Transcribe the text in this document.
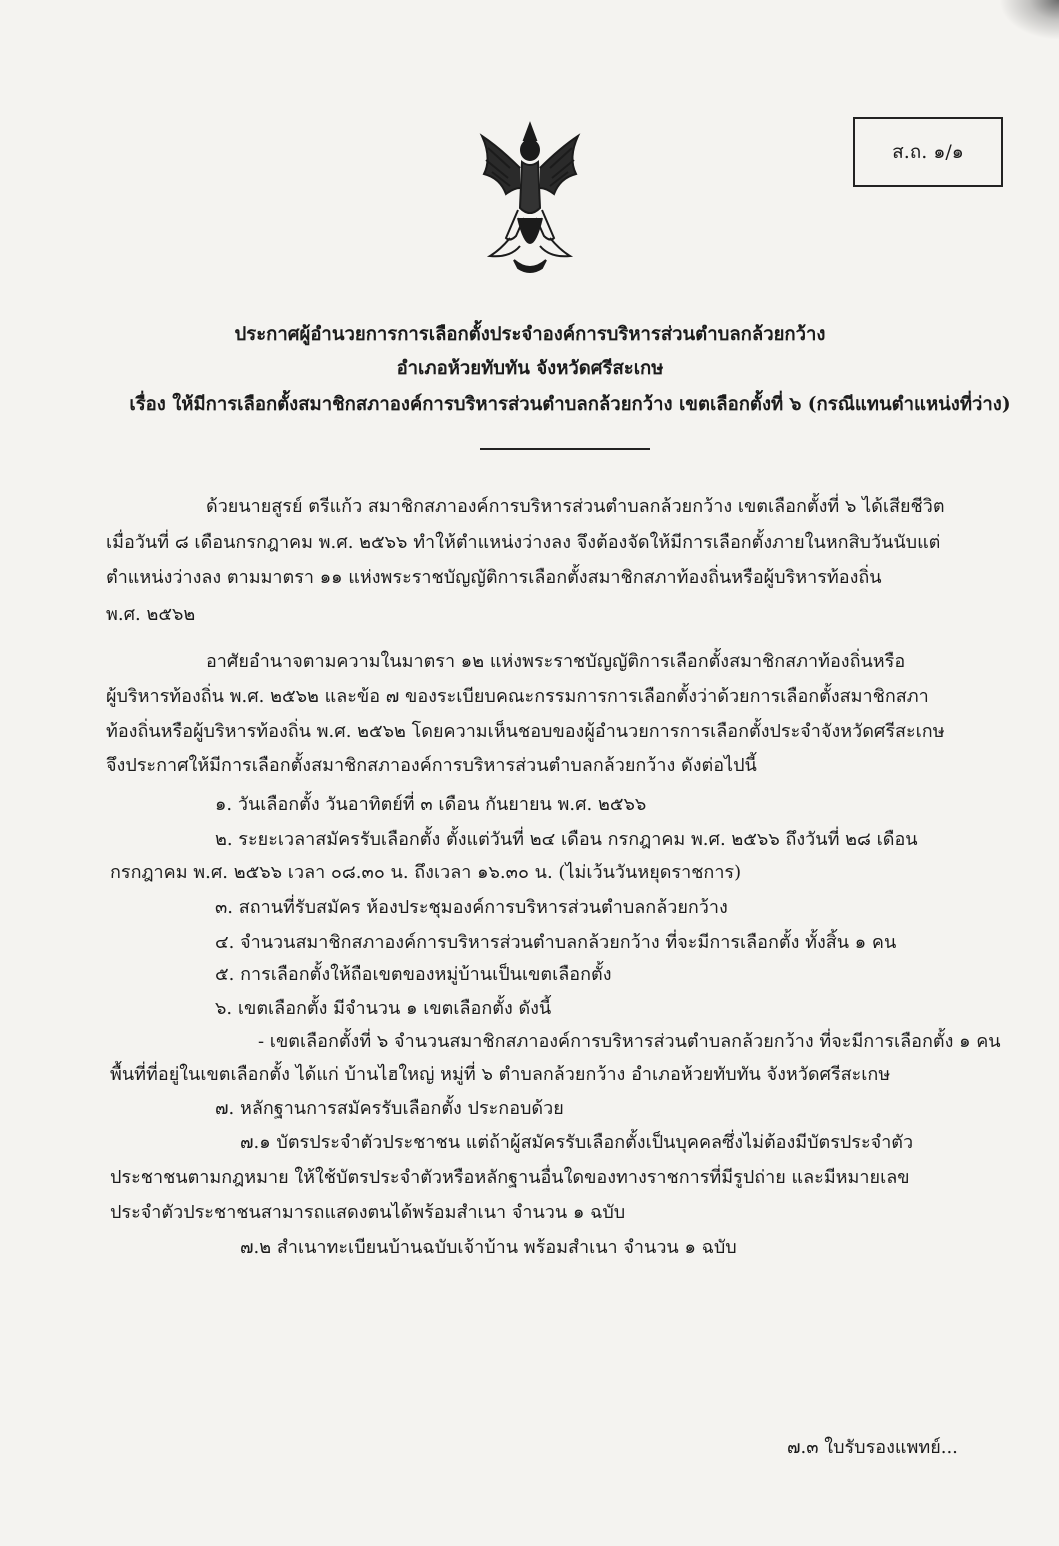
ส.ถ. ๑/๑
ประกาศผู้อำนวยการการเลือกตั้งประจำองค์การบริหารส่วนตำบลกล้วยกว้าง
อำเภอห้วยทับทัน จังหวัดศรีสะเกษ
เรื่อง ให้มีการเลือกตั้งสมาชิกสภาองค์การบริหารส่วนตำบลกล้วยกว้าง เขตเลือกตั้งที่ ๖ (กรณีแทนตำแหน่งที่ว่าง)
ด้วยนายสูรย์ ตรีแก้ว สมาชิกสภาองค์การบริหารส่วนตำบลกล้วยกว้าง เขตเลือกตั้งที่ ๖ ได้เสียชีวิต
เมื่อวันที่ ๘ เดือนกรกฎาคม พ.ศ. ๒๕๖๖ ทำให้ตำแหน่งว่างลง จึงต้องจัดให้มีการเลือกตั้งภายในหกสิบวันนับแต่
ตำแหน่งว่างลง ตามมาตรา ๑๑ แห่งพระราชบัญญัติการเลือกตั้งสมาชิกสภาท้องถิ่นหรือผู้บริหารท้องถิ่น
พ.ศ. ๒๕๖๒
อาศัยอำนาจตามความในมาตรา ๑๒ แห่งพระราชบัญญัติการเลือกตั้งสมาชิกสภาท้องถิ่นหรือ
ผู้บริหารท้องถิ่น พ.ศ. ๒๕๖๒ และข้อ ๗ ของระเบียบคณะกรรมการการเลือกตั้งว่าด้วยการเลือกตั้งสมาชิกสภา
ท้องถิ่นหรือผู้บริหารท้องถิ่น พ.ศ. ๒๕๖๒ โดยความเห็นชอบของผู้อำนวยการการเลือกตั้งประจำจังหวัดศรีสะเกษ
จึงประกาศให้มีการเลือกตั้งสมาชิกสภาองค์การบริหารส่วนตำบลกล้วยกว้าง ดังต่อไปนี้
๑. วันเลือกตั้ง วันอาทิตย์ที่ ๓ เดือน กันยายน พ.ศ. ๒๕๖๖
๒. ระยะเวลาสมัครรับเลือกตั้ง ตั้งแต่วันที่ ๒๔ เดือน กรกฎาคม พ.ศ. ๒๕๖๖ ถึงวันที่ ๒๘ เดือน
กรกฎาคม พ.ศ. ๒๕๖๖ เวลา ๐๘.๓๐ น. ถึงเวลา ๑๖.๓๐ น. (ไม่เว้นวันหยุดราชการ)
๓. สถานที่รับสมัคร ห้องประชุมองค์การบริหารส่วนตำบลกล้วยกว้าง
๔. จำนวนสมาชิกสภาองค์การบริหารส่วนตำบลกล้วยกว้าง ที่จะมีการเลือกตั้ง ทั้งสิ้น ๑ คน
๕. การเลือกตั้งให้ถือเขตของหมู่บ้านเป็นเขตเลือกตั้ง
๖. เขตเลือกตั้ง มีจำนวน ๑ เขตเลือกตั้ง ดังนี้
- เขตเลือกตั้งที่ ๖ จำนวนสมาชิกสภาองค์การบริหารส่วนตำบลกล้วยกว้าง ที่จะมีการเลือกตั้ง ๑ คน
พื้นที่ที่อยู่ในเขตเลือกตั้ง ได้แก่ บ้านไฮใหญ่ หมู่ที่ ๖ ตำบลกล้วยกว้าง อำเภอห้วยทับทัน จังหวัดศรีสะเกษ
๗. หลักฐานการสมัครรับเลือกตั้ง ประกอบด้วย
๗.๑ บัตรประจำตัวประชาชน แต่ถ้าผู้สมัครรับเลือกตั้งเป็นบุคคลซึ่งไม่ต้องมีบัตรประจำตัว
ประชาชนตามกฎหมาย ให้ใช้บัตรประจำตัวหรือหลักฐานอื่นใดของทางราชการที่มีรูปถ่าย และมีหมายเลข
ประจำตัวประชาชนสามารถแสดงตนได้พร้อมสำเนา จำนวน ๑ ฉบับ
๗.๒ สำเนาทะเบียนบ้านฉบับเจ้าบ้าน พร้อมสำเนา จำนวน ๑ ฉบับ
๗.๓ ใบรับรองแพทย์...
